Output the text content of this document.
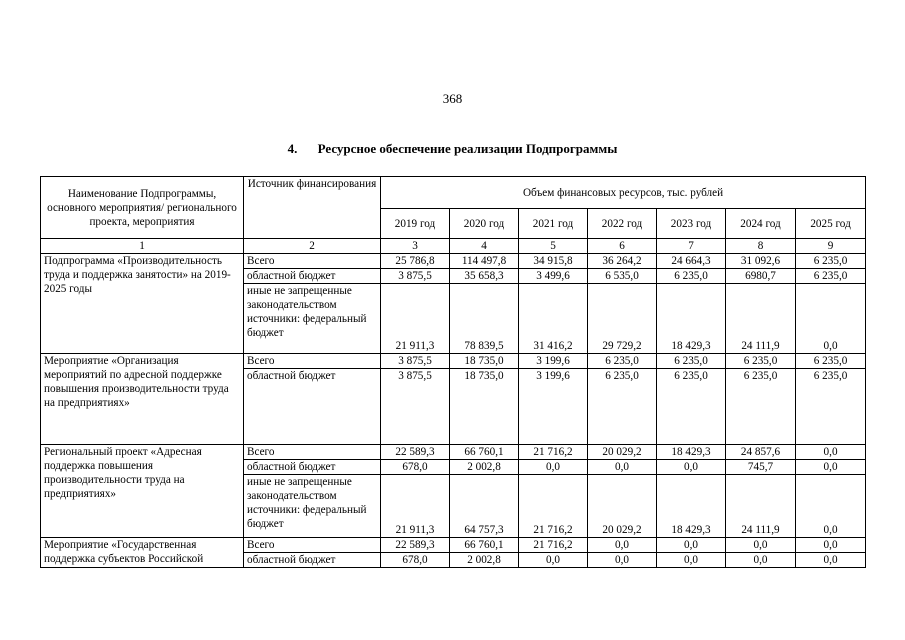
368
4. Ресурсное обеспечение реализации Подпрограммы
Наименование Подпрограммы, основного мероприятия/ регионального проекта, мероприятия	Источник финансирования	Объем финансовых ресурсов, тыс. рублей						
		2019 год	2020 год	2021 год	2022 год	2023 год	2024 год	2025 год
1	2	3	4	5	6	7	8	9
Подпрограмма «Производительность труда и поддержка занятости» на 2019-2025 годы	Всего	25 786,8	114 497,8	34 915,8	36 264,2	24 664,3	31 092,6	6 235,0
	областной бюджет	3 875,5	35 658,3	3 499,6	6 535,0	6 235,0	6980,7	6 235,0
	иные не запрещенные законодательством источники: федеральный бюджет	21 911,3	78 839,5	31 416,2	29 729,2	18 429,3	24 111,9	0,0
Мероприятие «Организация мероприятий по адресной поддержке повышения производительности труда на предприятиях»	Всего	3 875,5	18 735,0	3 199,6	6 235,0	6 235,0	6 235,0	6 235,0
	областной бюджет	3 875,5	18 735,0	3 199,6	6 235,0	6 235,0	6 235,0	6 235,0
Региональный проект «Адресная поддержка повышения производительности труда на предприятиях»	Всего	22 589,3	66 760,1	21 716,2	20 029,2	18 429,3	24 857,6	0,0
	областной бюджет	678,0	2 002,8	0,0	0,0	0,0	745,7	0,0
	иные не запрещенные законодательством источники: федеральный бюджет	21 911,3	64 757,3	21 716,2	20 029,2	18 429,3	24 111,9	0,0
Мероприятие «Государственная поддержка субъектов Российской	Всего	22 589,3	66 760,1	21 716,2	0,0	0,0	0,0	0,0
	областной бюджет	678,0	2 002,8	0,0	0,0	0,0	0,0	0,0
